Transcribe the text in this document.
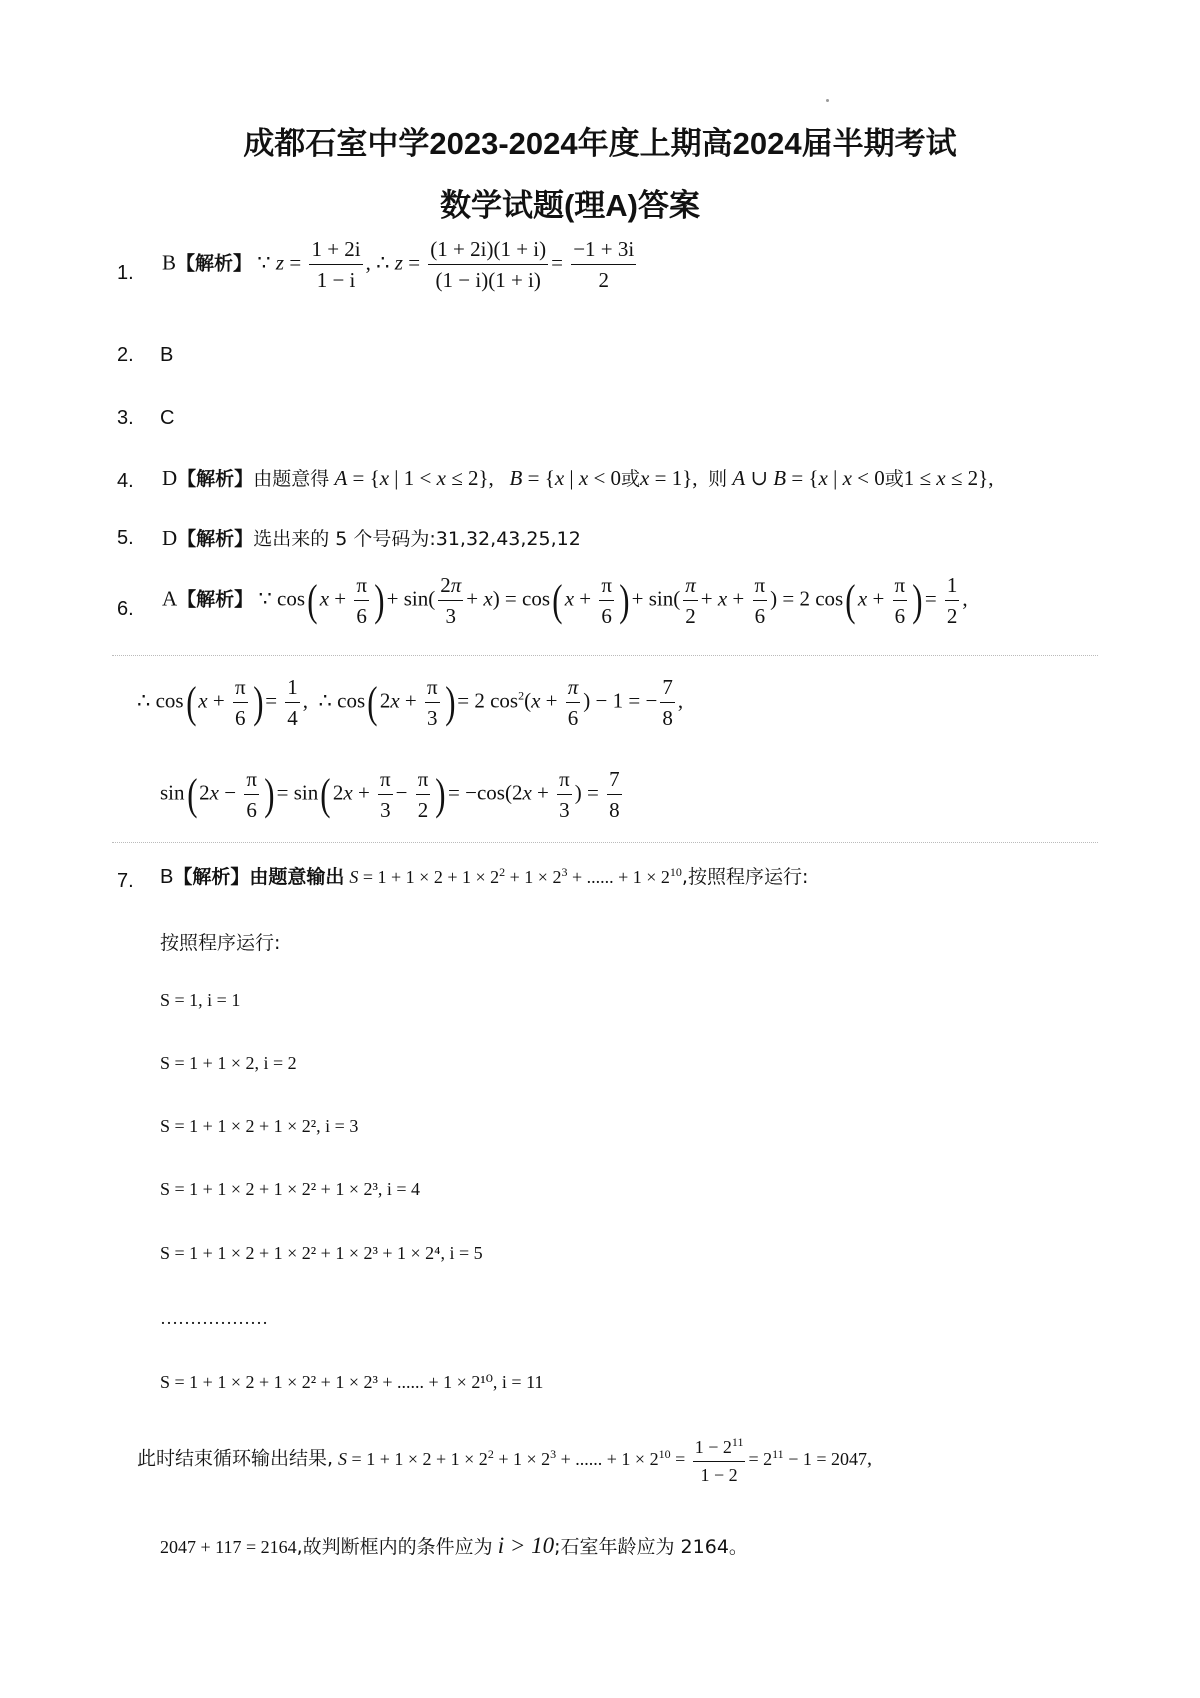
成都石室中学2023-2024年度上期高2024届半期考试
数学试题(理A)答案
1. B【解析】 ∵ $z = \frac{1 + 2i}{1 - i}$ , ∴ $z = \frac{(1 + 2i)(1 + i)}{(1 - i)(1 + i)} = \frac{-1 + 3i}{2}$
2. B
3. C
4. D【解析】由题意得 A = {x | 1 < x ≤ 2},   B = {x | x < 0或x = 1},  则 A ∪ B = {x | x < 0或1 ≤ x ≤ 2},
5. D【解析】选出来的 5 个号码为:31,32,43,25,12
6. A【解析】 ∵ cos( $x + \frac{\pi}{6}$ ) + $\sin( \frac{2\pi}{3} + x) = \cos$( $x + \frac{\pi}{6}$ ) + $\sin( \frac{\pi}{2} + x + \frac{\pi}{6}$ ) = 2 cos( $x + \frac{\pi}{6}$ ) = $\frac{1}{2}$ ,
∴ cos( $x + \frac{\pi}{6}$ ) = $\frac{1}{4}$ ,  ∴ cos( $2x + \frac{\pi}{3}$ ) = 2 $\cos^2(x + \frac{\pi}{6}$ ) − 1 = − $\frac{7}{8}$ ,
sin( $2x - \frac{\pi}{6}$ ) = sin( $2x + \frac{\pi}{3} - \frac{\pi}{2}$ ) = $-\cos(2x + \frac{\pi}{3}$ ) = $\frac{7}{8}$
7. B【解析】由题意输出 $S = 1 + 1 \times 2 + 1 \times 2^2 + 1 \times 2^3$ + ...... + $1 \times 2^{10}$,按照程序运行:
按照程序运行:
S = 1, i = 1
S = 1 + 1 × 2, i = 2
S = 1 + 1 × 2 + 1 × 2², i = 3
S = 1 + 1 × 2 + 1 × 2² + 1 × 2³, i = 4
S = 1 + 1 × 2 + 1 × 2² + 1 × 2³ + 1 × 2⁴, i = 5
………………
S = 1 + 1 × 2 + 1 × 2² + 1 × 2³ + ...... + 1 × 2¹⁰, i = 11
此时结束循环输出结果, $S = 1 + 1 \times 2 + 1 \times 2^2 + 1 \times 2^3$ + ...... + $1 \times 2^{10} = \frac{1 - 2^{11}}{1 - 2} = 2^{11} - 1 = 2047$,
2047 + 117 = 2164,故判断框内的条件应为 i > 10;石室年龄应为 2164。
